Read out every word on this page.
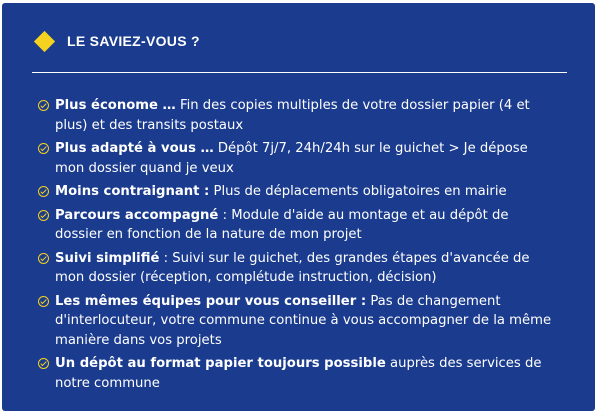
LE SAVIEZ-VOUS ?
Plus économe … Fin des copies multiples de votre dossier papier (4 et plus) et des transits postaux
Plus adapté à vous … Dépôt 7j/7, 24h/24h sur le guichet > Je dépose mon dossier quand je veux
Moins contraignant : Plus de déplacements obligatoires en mairie
Parcours accompagné : Module d'aide au montage et au dépôt de dossier en fonction de la nature de mon projet
Suivi simplifié : Suivi sur le guichet, des grandes étapes d'avancée de mon dossier (réception, complétude instruction, décision)
Les mêmes équipes pour vous conseiller : Pas de changement d'interlocuteur, votre commune continue à vous accompagner de la même manière dans vos projets
Un dépôt au format papier toujours possible auprès des services de notre commune
